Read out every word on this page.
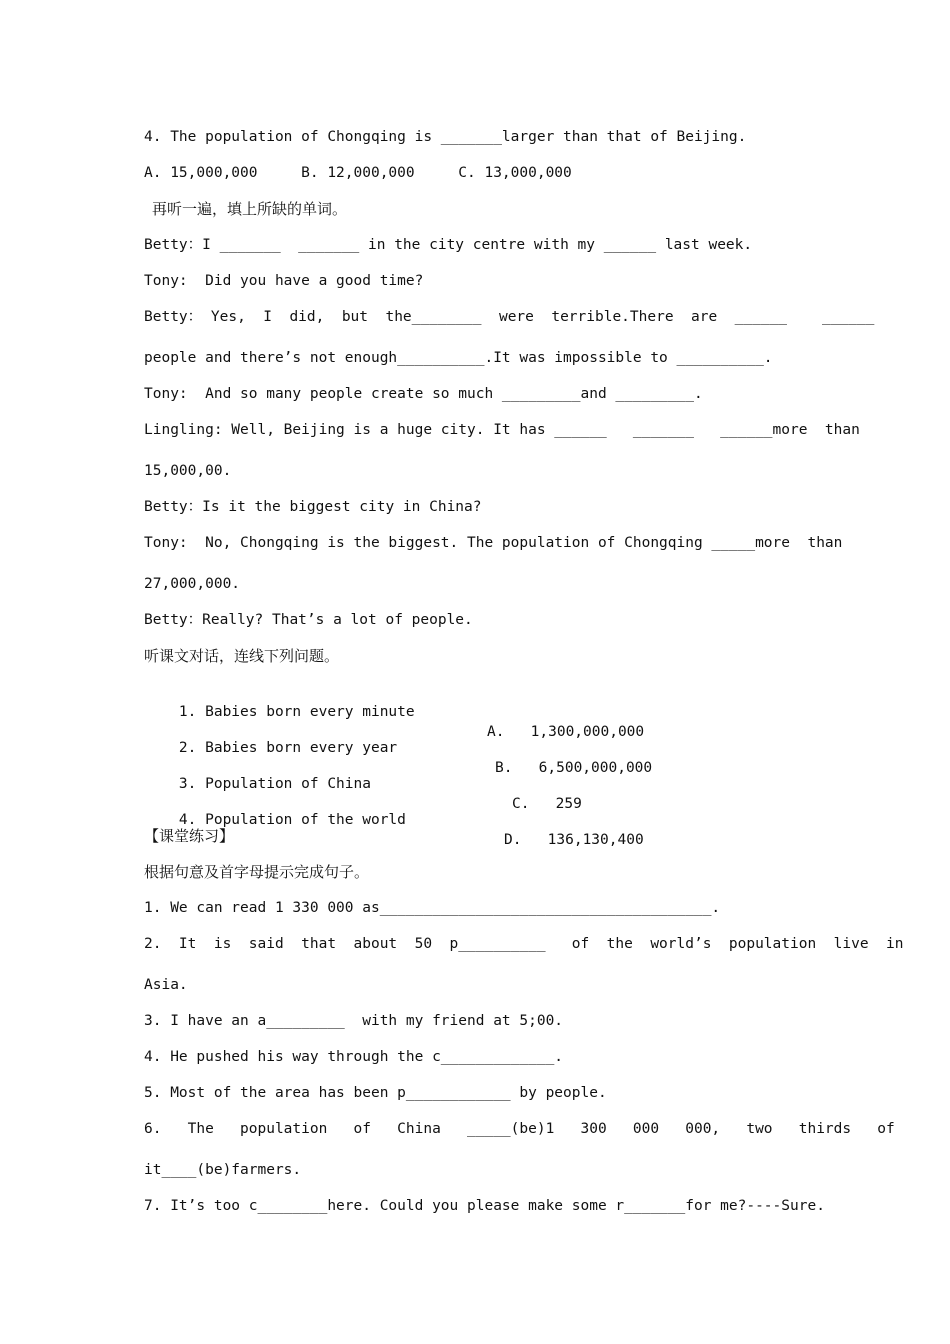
4. The population of Chongqing is _______larger than that of Beijing.
A. 15,000,000     B. 12,000,000     C. 13,000,000
再听一遍，填上所缺的单词。
Betty：I _______  _______ in the city centre with my ______ last week.
Tony:  Did you have a good time?
Betty： Yes,  I  did,  but  the________  were  terrible.There  are  ______    ______
people and there’s not enough__________.It was impossible to __________.
Tony:  And so many people create so much _________and _________.
Lingling: Well, Beijing is a huge city. It has ______   _______   ______more  than
15,000,00.
Betty：Is it the biggest city in China?
Tony:  No, Chongqing is the biggest. The population of Chongqing _____more  than
27,000,000.
Betty：Really? That’s a lot of people.
听课文对话，连线下列问题。

1. Babies born every minute

A.   1,300,000,000

2. Babies born every year

B.   6,500,000,000

3. Population of China

C.   259

4. Population of the world

D.   136,130,400

【课堂练习】
根据句意及首字母提示完成句子。
1. We can read 1 330 000 as______________________________________.
2.  It  is  said  that  about  50  p__________   of  the  world’s  population  live  in
Asia.
3. I have an a_________  with my friend at 5;00.
4. He pushed his way through the c_____________.
5. Most of the area has been p____________ by people.
6.   The   population   of   China   _____(be)1   300   000   000,   two   thirds   of
it____(be)farmers.
7. It’s too c________here. Could you please make some r_______for me?----Sure.
